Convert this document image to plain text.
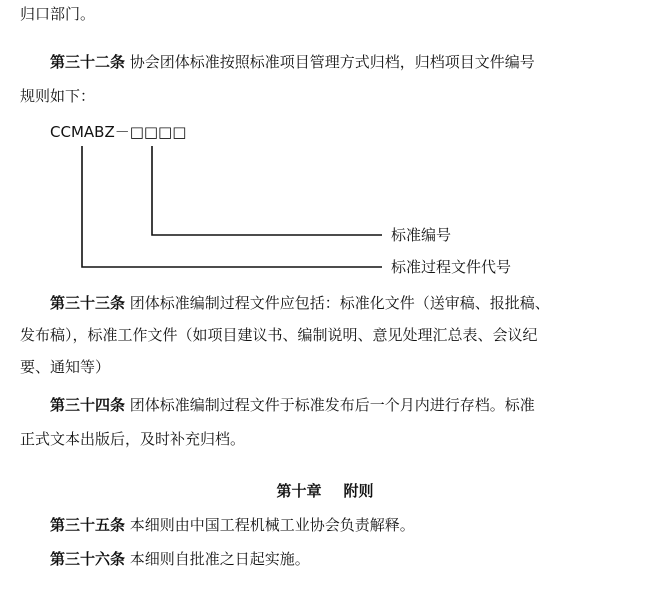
归口部门。
第三十二条 协会团体标准按照标准项目管理方式归档，归档项目文件编号
规则如下：
CCMABZ－□□□□
标准编号
标准过程文件代号
第三十三条 团体标准编制过程文件应包括：标准化文件（送审稿、报批稿、
发布稿），标准工作文件（如项目建议书、编制说明、意见处理汇总表、会议纪
要、通知等）
第三十四条 团体标准编制过程文件于标准发布后一个月内进行存档。标准
正式文本出版后，及时补充归档。
第十章 附则
第三十五条 本细则由中国工程机械工业协会负责解释。
第三十六条 本细则自批准之日起实施。
